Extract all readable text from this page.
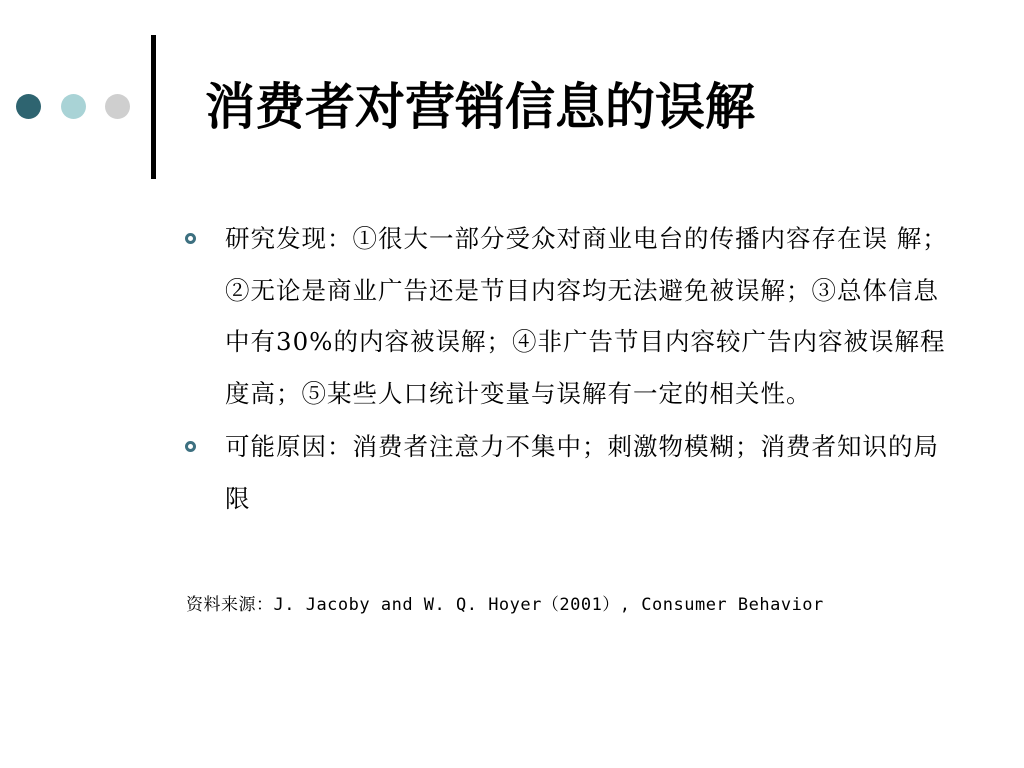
消费者对营销信息的误解
研究发现：①很大一部分受众对商业电台的传播内容存在误 解；②无论是商业广告还是节目内容均无法避免被误解；③总体信息中有30%的内容被误解；④非广告节目内容较广告内容被误解程度高；⑤某些人口统计变量与误解有一定的相关性。
可能原因：消费者注意力不集中；刺激物模糊；消费者知识的局限
资料来源：J. Jacoby and W. Q. Hoyer（2001）, Consumer Behavior
